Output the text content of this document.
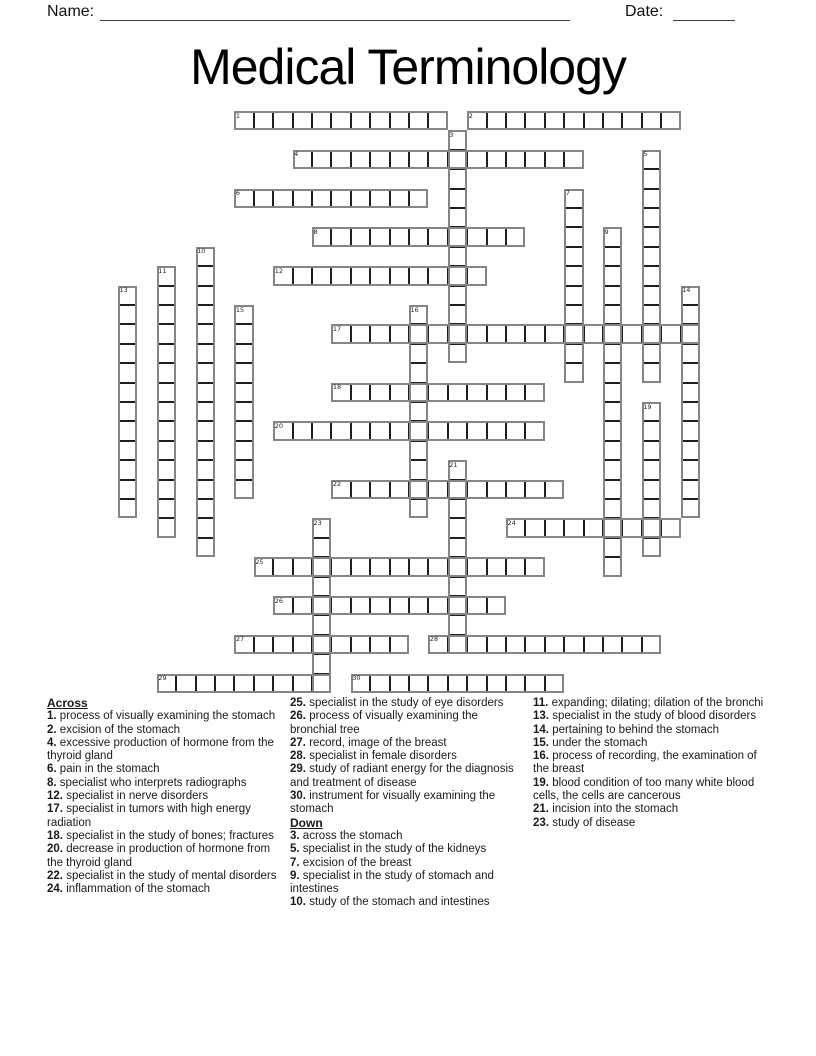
Name:	Date:
Medical Terminology
1	2
3
4	5
6	7
8	9
10
11	12
13	14
15	16
17
18
19
20
21
22
23	24
25
26
27	28
29	30
Across
1. process of visually examining the stomach
2. excision of the stomach
4. excessive production of hormone from the thyroid gland
6. pain in the stomach
8. specialist who interprets radiographs
12. specialist in nerve disorders
17. specialist in tumors with high energy radiation
18. specialist in the study of bones; fractures
20. decrease in production of hormone from the thyroid gland
22. specialist in the study of mental disorders
24. inflammation of the stomach
25. specialist in the study of eye disorders
26. process of visually examining the bronchial tree
27. record, image of the breast
28. specialist in female disorders
29. study of radiant energy for the diagnosis and treatment of disease
30. instrument for visually examining the stomach
Down
3. across the stomach
5. specialist in the study of the kidneys
7. excision of the breast
9. specialist in the study of stomach and intestines
10. study of the stomach and intestines
11. expanding; dilating; dilation of the bronchi
13. specialist in the study of blood disorders
14. pertaining to behind the stomach
15. under the stomach
16. process of recording, the examination of the breast
19. blood condition of too many white blood cells, the cells are cancerous
21. incision into the stomach
23. study of disease
